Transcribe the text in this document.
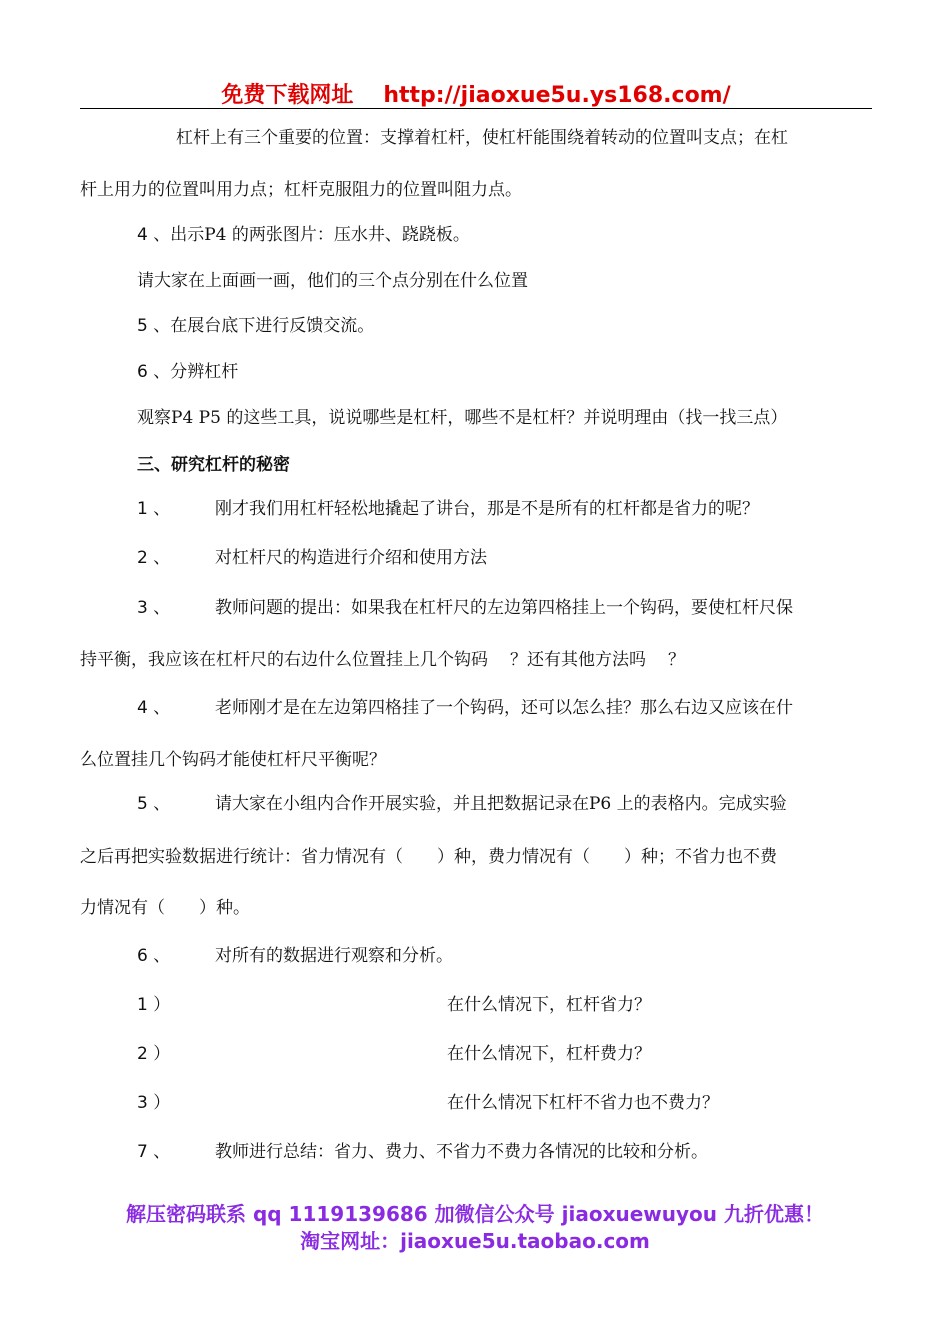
免费下载网址 http://jiaoxue5u.ys168.com/
杠杆上有三个重要的位置：支撑着杠杆，使杠杆能围绕着转动的位置叫支点；在杠
杆上用力的位置叫用力点；杠杆克服阻力的位置叫阻力点。
4 、出示P4 的两张图片：压水井、跷跷板。
请大家在上面画一画，他们的三个点分别在什么位置
5 、在展台底下进行反馈交流。
6 、分辨杠杆
观察P4 P5 的这些工具，说说哪些是杠杆，哪些不是杠杆？并说明理由（找一找三点）
三、研究杠杆的秘密
1 、	刚才我们用杠杆轻松地撬起了讲台，那是不是所有的杠杆都是省力的呢？
2 、	对杠杆尺的构造进行介绍和使用方法
3 、	教师问题的提出：如果我在杠杆尺的左边第四格挂上一个钩码，要使杠杆尺保
持平衡，我应该在杠杆尺的右边什么位置挂上几个钩码 ？还有其他方法吗 ？
4 、	老师刚才是在左边第四格挂了一个钩码，还可以怎么挂？那么右边又应该在什
么位置挂几个钩码才能使杠杆尺平衡呢？
5 、	请大家在小组内合作开展实验，并且把数据记录在P6 上的表格内。完成实验
之后再把实验数据进行统计：省力情况有（　　）种，费力情况有（　　）种；不省力也不费
力情况有（　　）种。
6 、	对所有的数据进行观察和分析。
1 ）	在什么情况下，杠杆省力？
2 ）	在什么情况下，杠杆费力？
3 ）	在什么情况下杠杆不省力也不费力？
7 、	教师进行总结：省力、费力、不省力不费力各情况的比较和分析。
解压密码联系 qq 1119139686 加微信公众号 jiaoxuewuyou 九折优惠！
淘宝网址：jiaoxue5u.taobao.com
